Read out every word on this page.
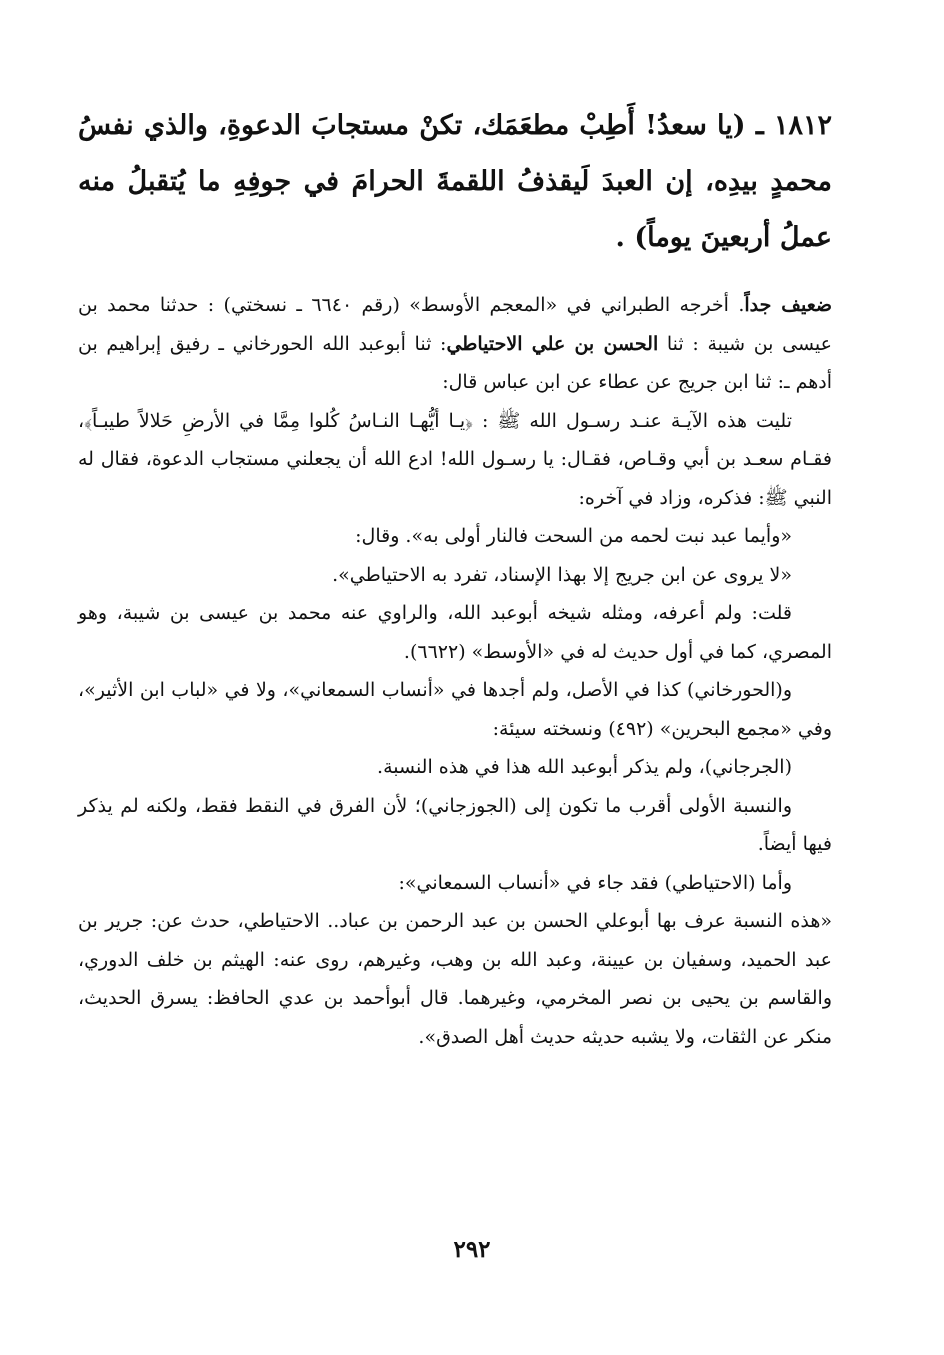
١٨١٢ ـ (يا سعدُ! أَطِبْ مطعَمَك، تكنْ مستجابَ الدعوةِ، والذي نفسُ محمدٍ بيدِه، إن العبدَ لَيقذفُ اللقمةَ الحرامَ في جوفِهِ ما يُتقبلُ منه عملُ أربعينَ يوماً) .

ضعيف جداً. أخرجه الطبراني في «المعجم الأوسط» (رقم ٦٦٤٠ ـ نسختي) : حدثنا محمد بن عيسى بن شيبة : ثنا الحسن بن علي الاحتياطي: ثنا أبوعبد الله الحورخاني ـ رفيق إبراهيم بن أدهم ـ: ثنا ابن جريج عن عطاء عن ابن عباس قال:

تليت هذه الآيـة عنـد رسـول الله ﷺ : ﴿يـا أيُّهـا النـاسُ كُلوا مِمَّا في الأرضِ حَلالاً طيبـاً﴾، فقـام سعـد بن أبي وقـاص، فقـال: يا رسـول الله! ادع الله أن يجعلني مستجاب الدعوة، فقال له النبي ﷺ: فذكره، وزاد في آخره:

«وأيما عبد نبت لحمه من السحت فالنار أولى به». وقال:

«لا يروى عن ابن جريج إلا بهذا الإسناد، تفرد به الاحتياطي».

قلت: ولم أعرفه، ومثله شيخه أبوعبد الله، والراوي عنه محمد بن عيسى بن شيبة، وهو المصري، كما في أول حديث له في «الأوسط» (٦٦٢٢).

و(الحورخاني) كذا في الأصل، ولم أجدها في «أنساب السمعاني»، ولا في «لباب ابن الأثير»، وفي «مجمع البحرين» (٤٩٢) ونسخته سيئة:

(الجرجاني)، ولم يذكر أبوعبد الله هذا في هذه النسبة.

والنسبة الأولى أقرب ما تكون إلى (الجوزجاني)؛ لأن الفرق في النقط فقط، ولكنه لم يذكر فيها أيضاً.

وأما (الاحتياطي) فقد جاء في «أنساب السمعاني»:

«هذه النسبة عرف بها أبوعلي الحسن بن عبد الرحمن بن عباد.. الاحتياطي، حدث عن: جرير بن عبد الحميد، وسفيان بن عيينة، وعبد الله بن وهب، وغيرهم، روى عنه: الهيثم بن خلف الدوري، والقاسم بن يحيى بن نصر المخرمي، وغيرهما. قال أبوأحمد بن عدي الحافظ: يسرق الحديث، منكر عن الثقات، ولا يشبه حديثه حديث أهل الصدق».

٢٩٢
